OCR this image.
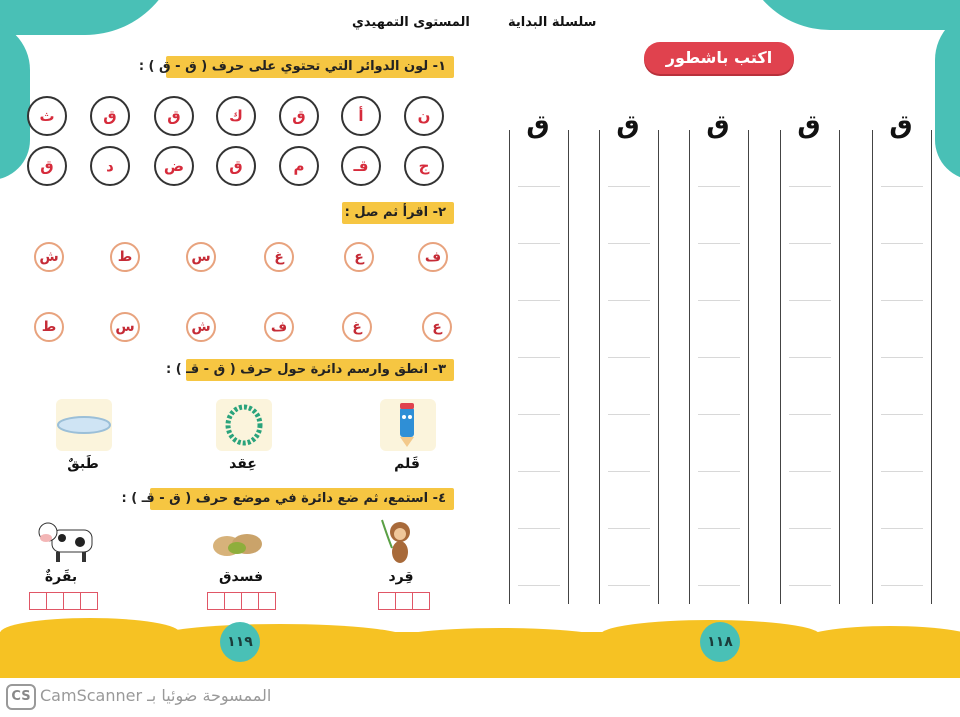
المستوى التمهيدي	سلسلة البداية
١- لون الدوائر التي تحتوي على حرف ( ق - ق ) :
ن
أ
ق
ك
ق
ق
ث
ج
قـ
م
ق
ض
د
ق
٢- اقرأ ثم صل :
ف
ع
غ
س
ط
ش
ع
غ
ف
ش
س
ط
٣- انطق وارسم دائرة حول حرف ( ق - قـ ) :
قَلم
عِقد
طَبقٌ
٤- استمع، ثم ضع دائرة في موضع حرف ( ق - قـ ) :
قِرد
فسدق
بقَرةٌ
اكتب باشطور
ق
ق
ق
ق
ق
١١٩	١١٨
CS الممسوحة ضوئيا بـ CamScanner
